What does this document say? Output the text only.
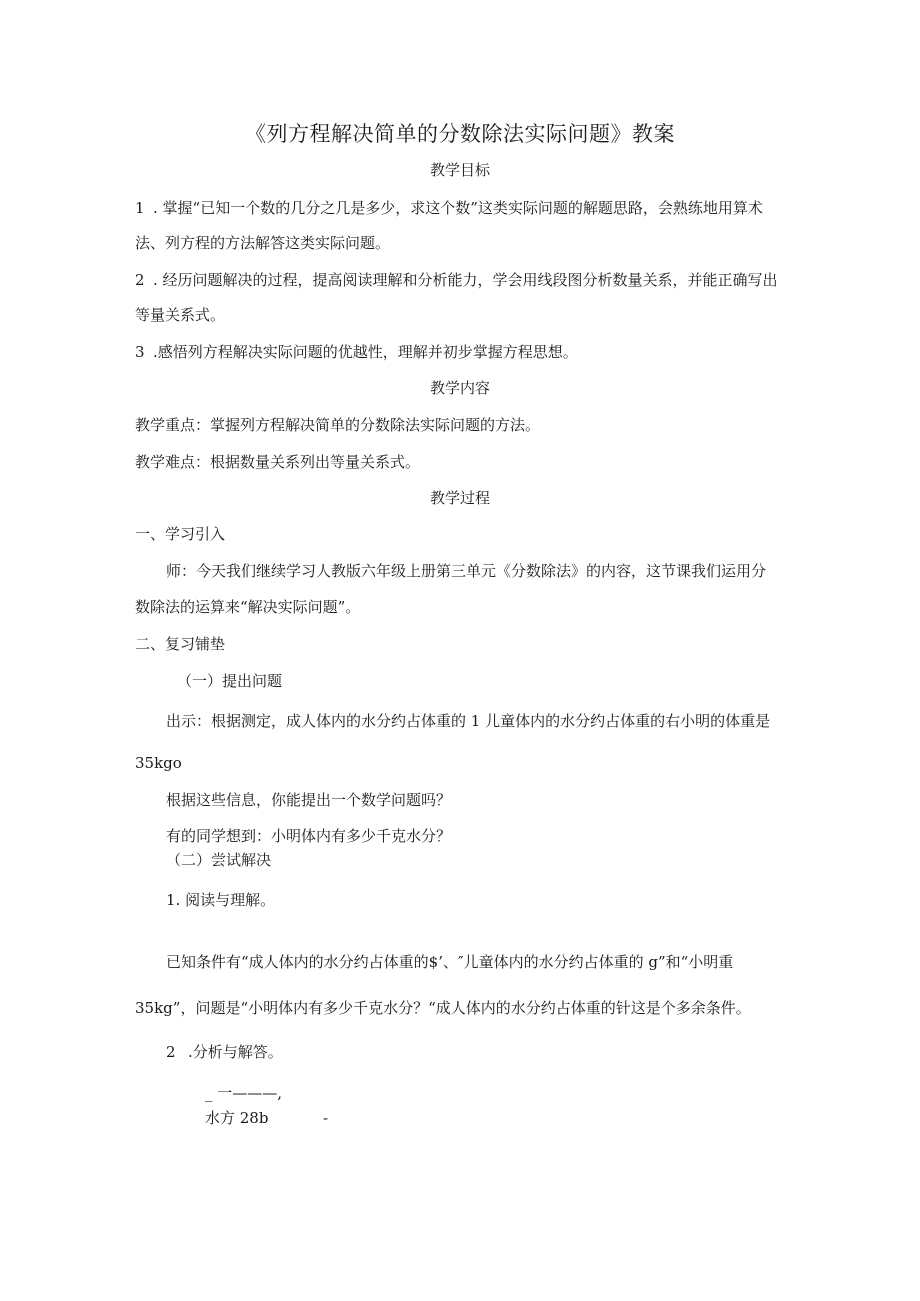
《列方程解决简单的分数除法实际问题》教案
教学目标
1 . 掌握“已知一个数的几分之几是多少，求这个数”这类实际问题的解题思路，会熟练地用算术
法、列方程的方法解答这类实际问题。
2 . 经历问题解决的过程，提高阅读理解和分析能力，学会用线段图分析数量关系，并能正确写出
等量关系式。
3 .感悟列方程解决实际问题的优越性，理解并初步掌握方程思想。
教学内容
教学重点：掌握列方程解决简单的分数除法实际问题的方法。
教学难点：根据数量关系列出等量关系式。
教学过程
一、学习引入
师：今天我们继续学习人教版六年级上册第三单元《分数除法》的内容，这节课我们运用分
数除法的运算来“解决实际问题”。
二、复习铺垫
（一）提出问题
出示：根据测定，成人体内的水分约占体重的 1 儿童体内的水分约占体重的右小明的体重是
35kgo
根据这些信息，你能提出一个数学问题吗？
有的同学想到：小明体内有多少千克水分？
（二）尝试解决
1. 阅读与理解。
已知条件有“成人体内的水分约占体重的$’、″儿童体内的水分约占体重的 g”和“小明重
35kg”，问题是“小明体内有多少千克水分？“成人体内的水分约占体重的针这是个多余条件。
2 .分析与解答。
_ 一———,
水方 28b	-
